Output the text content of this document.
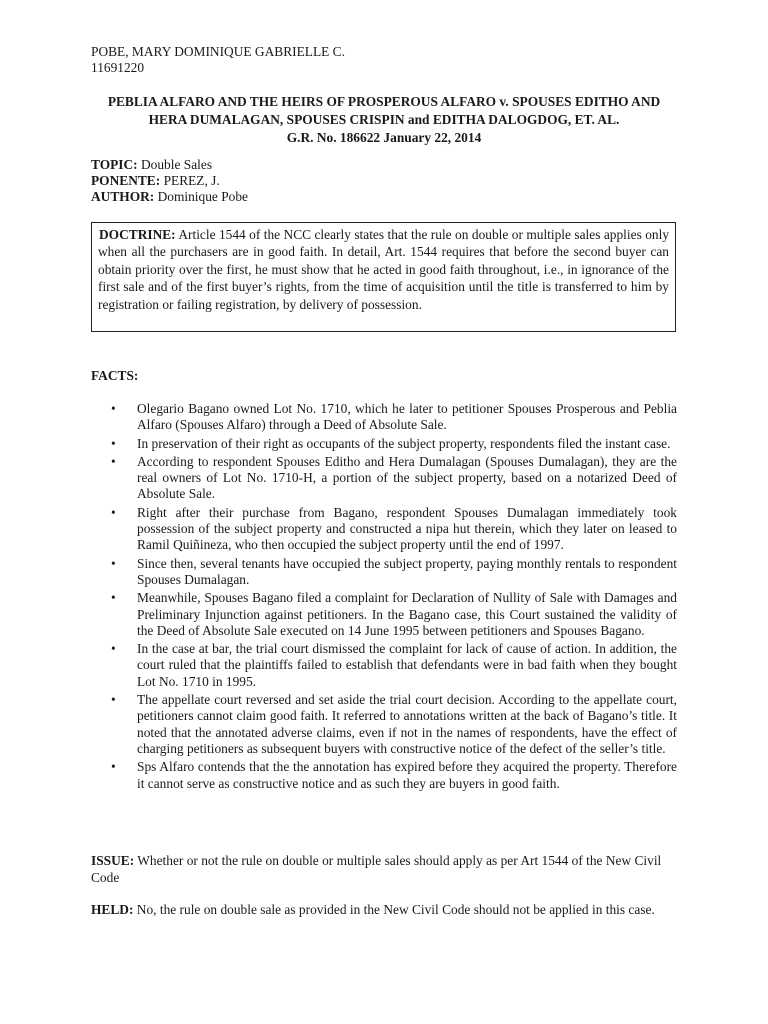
POBE, MARY DOMINIQUE GABRIELLE C.
11691220
PEBLIA ALFARO AND THE HEIRS OF PROSPEROUS ALFARO v. SPOUSES EDITHO AND
HERA DUMALAGAN, SPOUSES CRISPIN and EDITHA DALOGDOG, ET. AL.
G.R. No. 186622 January 22, 2014
TOPIC: Double Sales
PONENTE: PEREZ, J.
AUTHOR: Dominique Pobe
DOCTRINE: Article 1544 of the NCC clearly states that the rule on double or multiple sales applies only when all the purchasers are in good faith. In detail, Art. 1544 requires that before the second buyer can obtain priority over the first, he must show that he acted in good faith throughout, i.e., in ignorance of the first sale and of the first buyer’s rights, from the time of acquisition until the title is transferred to him by registration or failing registration, by delivery of possession.
FACTS:
•	Olegario Bagano owned Lot No. 1710, which he later to petitioner Spouses Prosperous and Peblia Alfaro (Spouses Alfaro) through a Deed of Absolute Sale.
•	In preservation of their right as occupants of the subject property, respondents filed the instant case.
•	According to respondent Spouses Editho and Hera Dumalagan (Spouses Dumalagan), they are the real owners of Lot No. 1710-H, a portion of the subject property, based on a notarized Deed of Absolute Sale.
•	Right after their purchase from Bagano, respondent Spouses Dumalagan immediately took possession of the subject property and constructed a nipa hut therein, which they later on leased to Ramil Quiñineza, who then occupied the subject property until the end of 1997.
•	Since then, several tenants have occupied the subject property, paying monthly rentals to respondent Spouses Dumalagan.
•	Meanwhile, Spouses Bagano filed a complaint for Declaration of Nullity of Sale with Damages and Preliminary Injunction against petitioners. In the Bagano case, this Court sustained the validity of the Deed of Absolute Sale executed on 14 June 1995 between petitioners and Spouses Bagano.
•	In the case at bar, the trial court dismissed the complaint for lack of cause of action. In addition, the court ruled that the plaintiffs failed to establish that defendants were in bad faith when they bought Lot No. 1710 in 1995.
•	The appellate court reversed and set aside the trial court decision. According to the appellate court, petitioners cannot claim good faith. It referred to annotations written at the back of Bagano’s title. It noted that the annotated adverse claims, even if not in the names of respondents, have the effect of charging petitioners as subsequent buyers with constructive notice of the defect of the seller’s title.
•	Sps Alfaro contends that the the annotation has expired before they acquired the property. Therefore it cannot serve as constructive notice and as such they are buyers in good faith.
ISSUE: Whether or not the rule on double or multiple sales should apply as per Art 1544 of the New Civil Code
HELD: No, the rule on double sale as provided in the New Civil Code should not be applied in this case.
